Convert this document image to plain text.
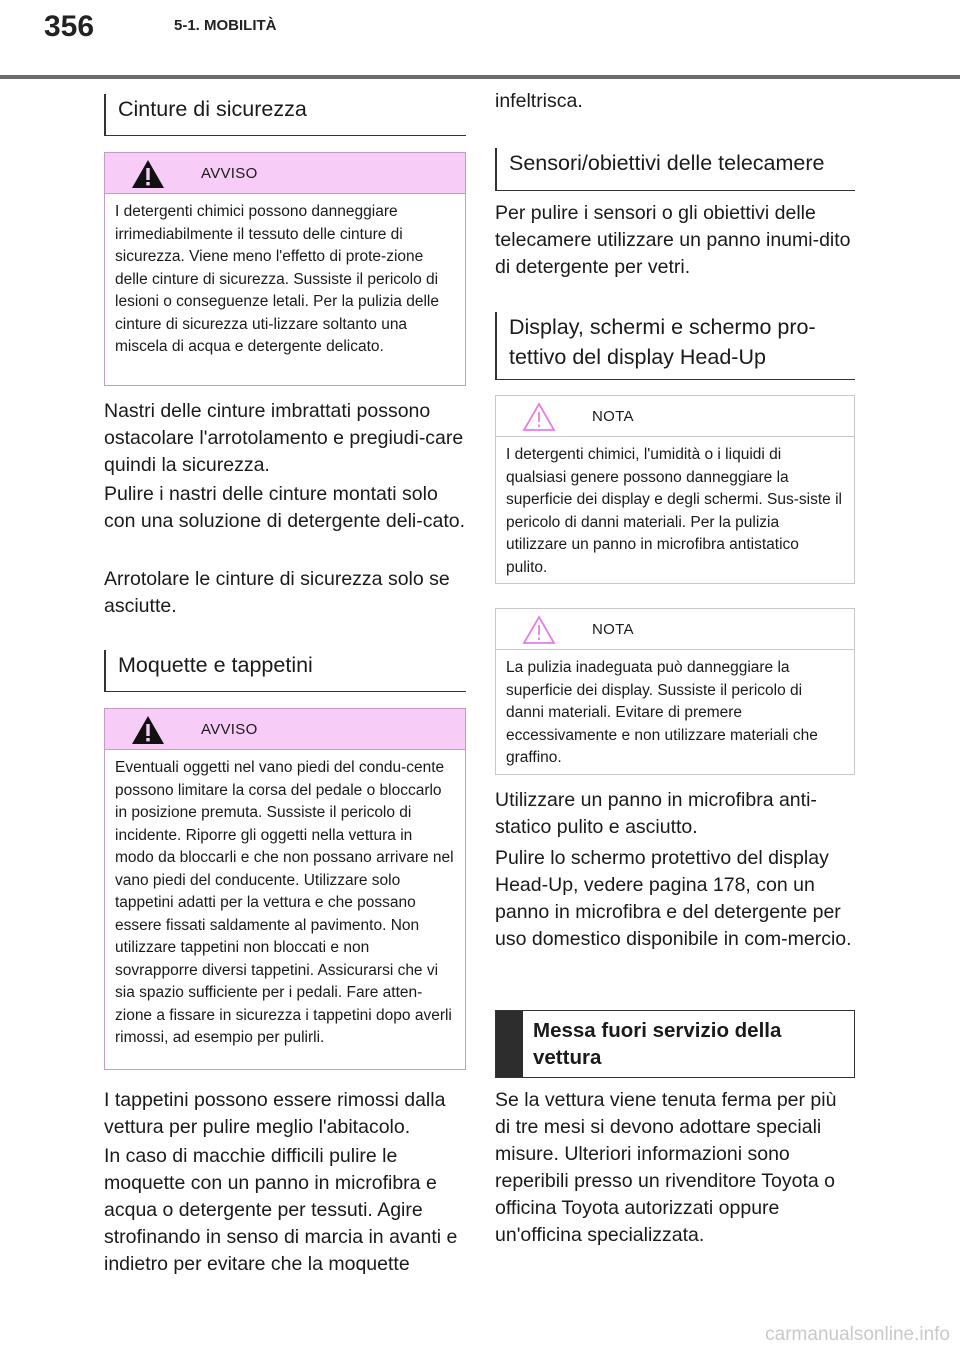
356	5-1. MOBILITÀ
Cinture di sicurezza
AVVISO

I detergenti chimici possono danneggiare irrimediabilmente il tessuto delle cinture di sicurezza. Viene meno l'effetto di prote-zione delle cinture di sicurezza. Sussiste il pericolo di lesioni o conseguenze letali. Per la pulizia delle cinture di sicurezza uti-lizzare soltanto una miscela di acqua e detergente delicato.

Nastri delle cinture imbrattati possono ostacolare l'arrotolamento e pregiudi-care quindi la sicurezza.

Pulire i nastri delle cinture montati solo con una soluzione di detergente deli-cato.

Arrotolare le cinture di sicurezza solo se asciutte.

Moquette e tappetini
AVVISO

Eventuali oggetti nel vano piedi del condu-cente possono limitare la corsa del pedale o bloccarlo in posizione premuta. Sussiste il pericolo di incidente. Riporre gli oggetti nella vettura in modo da bloccarli e che non possano arrivare nel vano piedi del conducente. Utilizzare solo tappetini adatti per la vettura e che possano essere fissati saldamente al pavimento. Non utilizzare tappetini non bloccati e non sovrapporre diversi tappetini. Assicurarsi che vi sia spazio sufficiente per i pedali. Fare atten-zione a fissare in sicurezza i tappetini dopo averli rimossi, ad esempio per pulirli.

I tappetini possono essere rimossi dalla vettura per pulire meglio l'abitacolo.

In caso di macchie difficili pulire le moquette con un panno in microfibra e acqua o detergente per tessuti. Agire strofinando in senso di marcia in avanti e indietro per evitare che la moquette

infeltrisca.

Sensori/obiettivi delle telecamere

Per pulire i sensori o gli obiettivi delle telecamere utilizzare un panno inumi-dito di detergente per vetri.

Display, schermi e schermo pro-tettivo del display Head-Up
NOTA

I detergenti chimici, l'umidità o i liquidi di qualsiasi genere possono danneggiare la superficie dei display e degli schermi. Sus-siste il pericolo di danni materiali. Per la pulizia utilizzare un panno in microfibra antistatico pulito.

NOTA

La pulizia inadeguata può danneggiare la superficie dei display. Sussiste il pericolo di danni materiali. Evitare di premere eccessivamente e non utilizzare materiali che graffino.

Utilizzare un panno in microfibra anti-statico pulito e asciutto.

Pulire lo schermo protettivo del display Head-Up, vedere pagina 178, con un panno in microfibra e del detergente per uso domestico disponibile in com-mercio.

Messa fuori servizio della vettura

Se la vettura viene tenuta ferma per più di tre mesi si devono adottare speciali misure. Ulteriori informazioni sono reperibili presso un rivenditore Toyota o officina Toyota autorizzati oppure un'officina specializzata.

carmanualsonline.info
